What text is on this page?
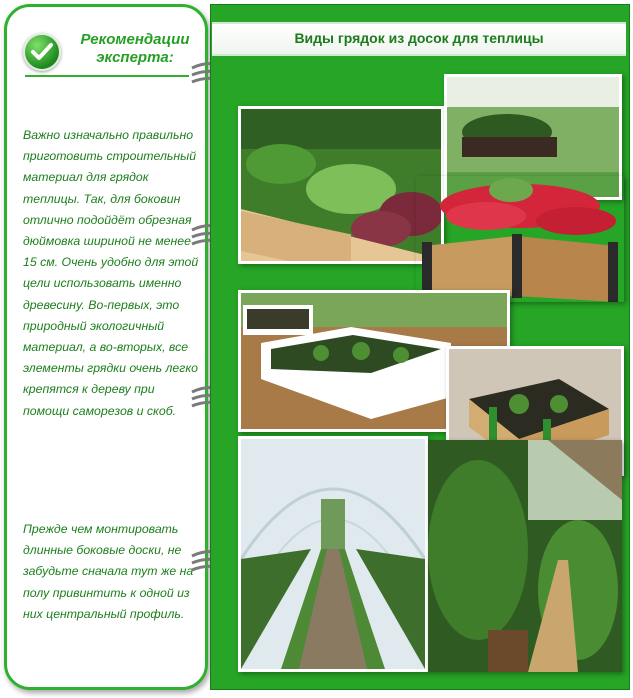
Рекомендации эксперта:
Важно изначально правильно приготовить строительный материал для грядок теплицы. Так, для боковин отлично подойдёт обрезная дюймовка шириной не менее 15 см. Очень удобно для этой цели использовать именно древесину. Во-первых, это природный экологичный материал, а во-вторых, все элементы грядки очень легко крепятся к дереву при помощи саморезов и скоб.
Прежде чем монтировать длинные боковые доски, не забудьте сначала тут же на полу привинтить к одной из них центральный профиль.
Виды грядок из досок для теплицы
